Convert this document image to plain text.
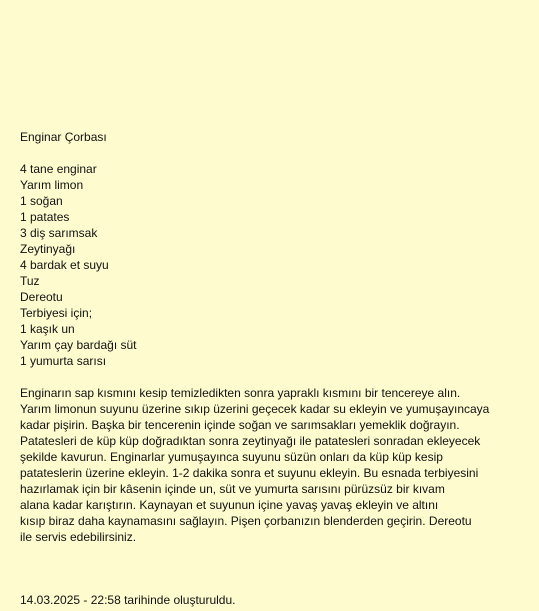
Enginar Çorbası
4 tane enginar
Yarım limon
1 soğan
1 patates
3 diş sarımsak
Zeytinyağı
4 bardak et suyu
Tuz
Dereotu
Terbiyesi için;
1 kaşık un
Yarım çay bardağı süt
1 yumurta sarısı
Enginarın sap kısmını kesip temizledikten sonra yapraklı kısmını bir tencereye alın.
Yarım limonun suyunu üzerine sıkıp üzerini geçecek kadar su ekleyin ve yumuşayıncaya
kadar pişirin. Başka bir tencerenin içinde soğan ve sarımsakları yemeklik doğrayın.
Patatesleri de küp küp doğradıktan sonra zeytinyağı ile patatesleri sonradan ekleyecek
şekilde kavurun. Enginarlar yumuşayınca suyunu süzün onları da küp küp kesip
patateslerin üzerine ekleyin. 1-2 dakika sonra et suyunu ekleyin. Bu esnada terbiyesini
hazırlamak için bir kâsenin içinde un, süt ve yumurta sarısını pürüzsüz bir kıvam
alana kadar karıştırın. Kaynayan et suyunun içine yavaş yavaş ekleyin ve altını
kısıp biraz daha kaynamasını sağlayın. Pişen çorbanızın blenderden geçirin. Dereotu
ile servis edebilirsiniz.
14.03.2025 - 22:58 tarihinde oluşturuldu.
